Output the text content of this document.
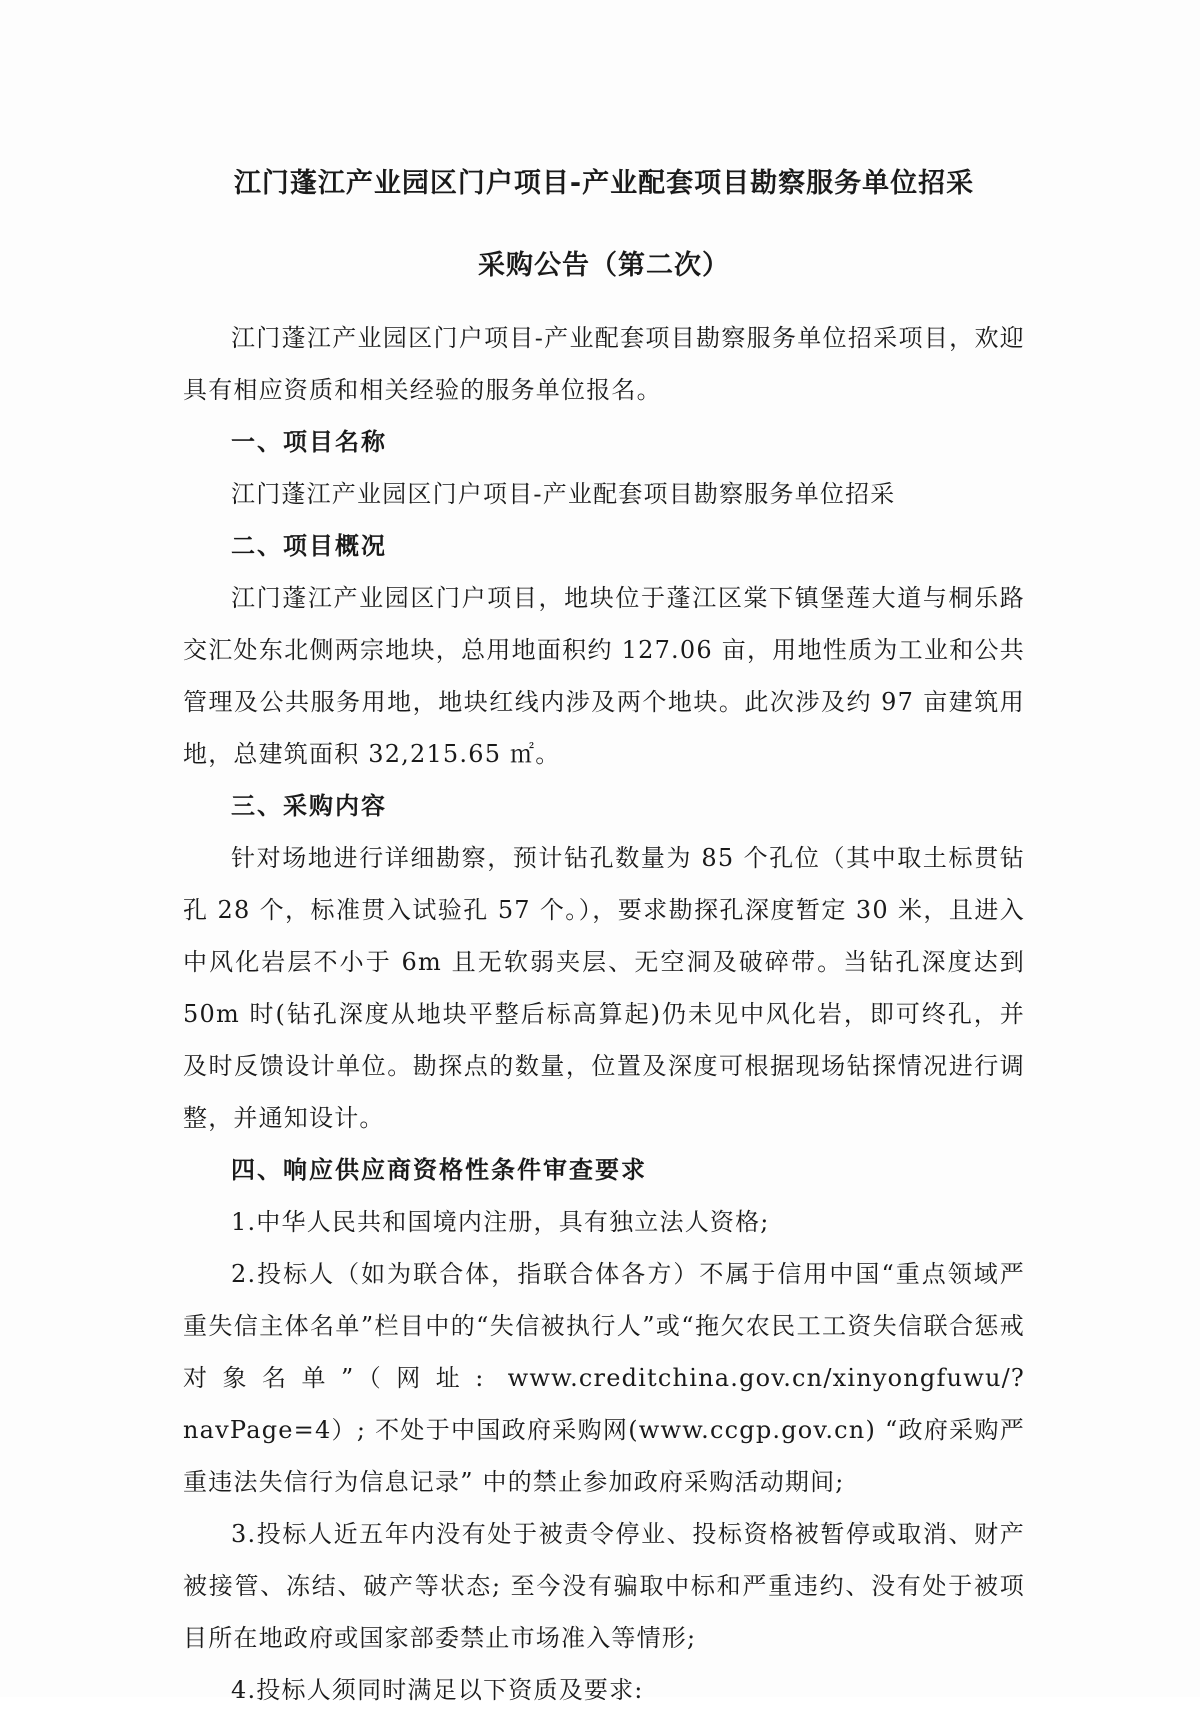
江门蓬江产业园区门户项目-产业配套项目勘察服务单位招采
采购公告（第二次）

江门蓬江产业园区门户项目-产业配套项目勘察服务单位招采项目，欢迎具有相应资质和相关经验的服务单位报名。

一、项目名称

江门蓬江产业园区门户项目-产业配套项目勘察服务单位招采

二、项目概况

江门蓬江产业园区门户项目，地块位于蓬江区棠下镇堡莲大道与桐乐路交汇处东北侧两宗地块，总用地面积约 127.06 亩，用地性质为工业和公共管理及公共服务用地，地块红线内涉及两个地块。此次涉及约 97 亩建筑用地，总建筑面积 32,215.65 ㎡。

三、采购内容

针对场地进行详细勘察，预计钻孔数量为 85 个孔位（其中取土标贯钻孔 28 个，标准贯入试验孔 57 个。），要求勘探孔深度暂定 30 米，且进入中风化岩层不小于 6m 且无软弱夹层、无空洞及破碎带。当钻孔深度达到 50m 时(钻孔深度从地块平整后标高算起)仍未见中风化岩，即可终孔，并及时反馈设计单位。勘探点的数量，位置及深度可根据现场钻探情况进行调整，并通知设计。

四、响应供应商资格性条件审查要求

1.中华人民共和国境内注册，具有独立法人资格;

2.投标人（如为联合体，指联合体各方）不属于信用中国“重点领域严重失信主体名单”栏目中的“失信被执行人”或“拖欠农民工工资失信联合惩戒对象名单”（网址: www.creditchina.gov.cn/xinyongfuwu/?navPage=4）; 不处于中国政府采购网(www.ccgp.gov.cn) “政府采购严重违法失信行为信息记录” 中的禁止参加政府采购活动期间;

3.投标人近五年内没有处于被责令停业、投标资格被暂停或取消、财产被接管、冻结、破产等状态; 至今没有骗取中标和严重违约、没有处于被项目所在地政府或国家部委禁止市场准入等情形;

4.投标人须同时满足以下资质及要求:
